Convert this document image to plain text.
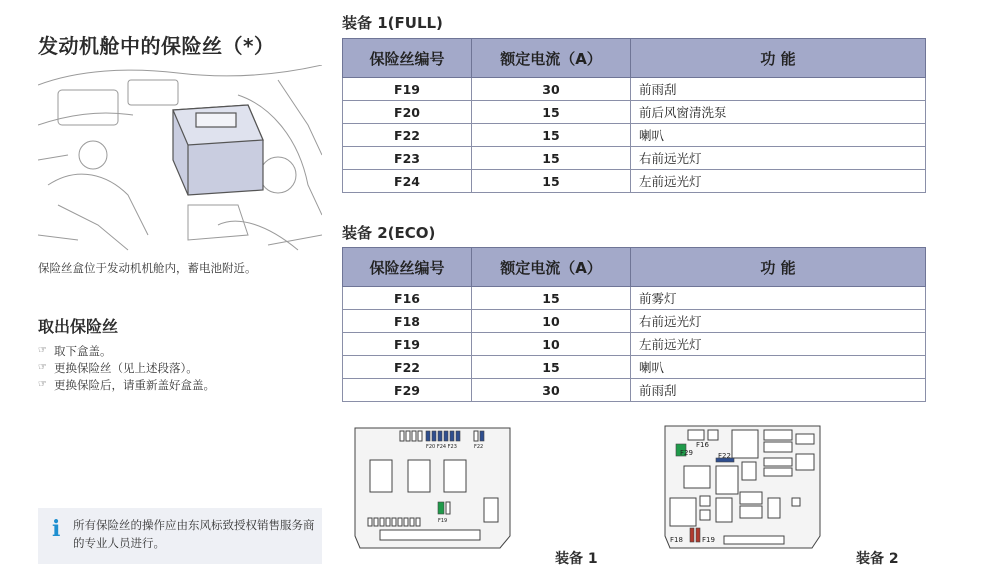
发动机舱中的保险丝（*）
保险丝盒位于发动机机舱内，蓄电池附近。
取出保险丝
☞ 取下盒盖。
☞ 更换保险丝（见上述段落）。
☞ 更换保险后，请重新盖好盒盖。
i 所有保险丝的操作应由东风标致授权销售服务商的专业人员进行。
装备 1(FULL)
保险丝编号	额定电流（A）	功 能
F19	30	前雨刮
F20	15	前后风窗清洗泵
F22	15	喇叭
F23	15	右前远光灯
F24	15	左前远光灯
装备 2(ECO)
保险丝编号	额定电流（A）	功 能
F16	15	前雾灯
F18	10	右前远光灯
F19	10	左前远光灯
F22	15	喇叭
F29	30	前雨刮
F20 F24 F23	F22
F19
装备 1
F16
F29	F22
F18	F19
装备 2
